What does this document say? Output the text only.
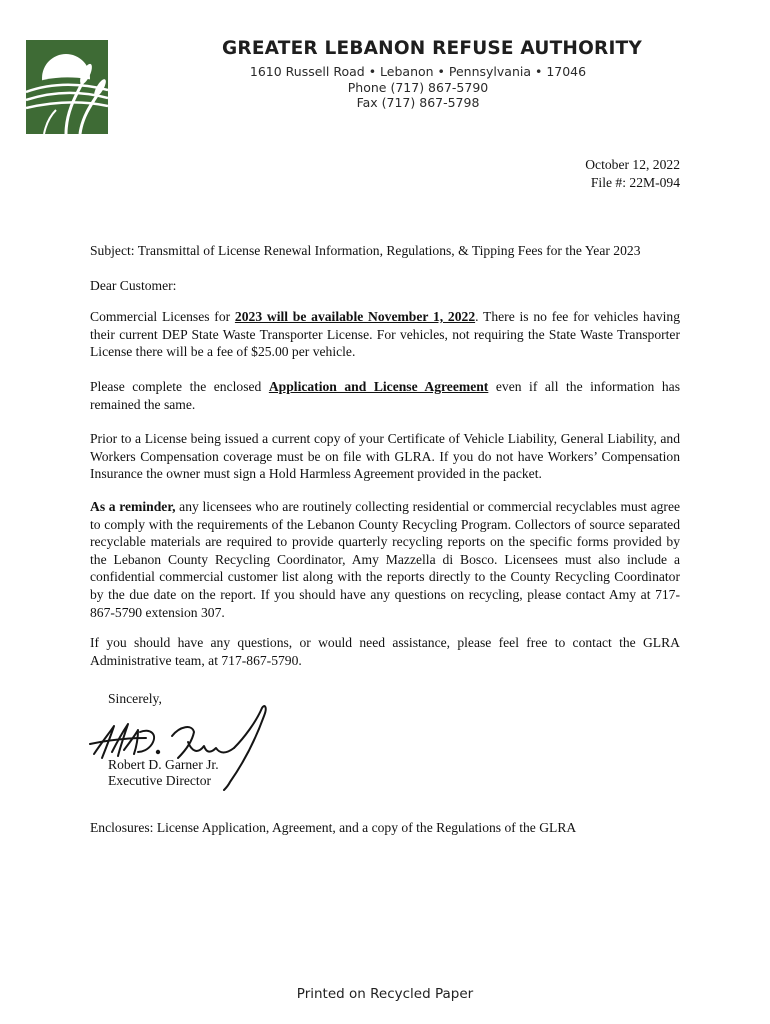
GREATER LEBANON REFUSE AUTHORITY
1610 Russell Road • Lebanon • Pennsylvania • 17046
Phone (717) 867-5790
Fax (717) 867-5798
October 12, 2022
File #: 22M-094
Subject: Transmittal of License Renewal Information, Regulations, & Tipping Fees for the Year 2023
Dear Customer:
Commercial Licenses for 2023 will be available November 1, 2022. There is no fee for vehicles having their current DEP State Waste Transporter License. For vehicles, not requiring the State Waste Transporter License there will be a fee of $25.00 per vehicle.
Please complete the enclosed Application and License Agreement even if all the information has remained the same.
Prior to a License being issued a current copy of your Certificate of Vehicle Liability, General Liability, and Workers Compensation coverage must be on file with GLRA. If you do not have Workers’ Compensation Insurance the owner must sign a Hold Harmless Agreement provided in the packet.
As a reminder, any licensees who are routinely collecting residential or commercial recyclables must agree to comply with the requirements of the Lebanon County Recycling Program. Collectors of source separated recyclable materials are required to provide quarterly recycling reports on the specific forms provided by the Lebanon County Recycling Coordinator, Amy Mazzella di Bosco. Licensees must also include a confidential commercial customer list along with the reports directly to the County Recycling Coordinator by the due date on the report. If you should have any questions on recycling, please contact Amy at 717-867-5790 extension 307.
If you should have any questions, or would need assistance, please feel free to contact the GLRA Administrative team, at 717-867-5790.
Sincerely,
Robert D. Garner Jr.
Executive Director
Enclosures: License Application, Agreement, and a copy of the Regulations of the GLRA
Printed on Recycled Paper
